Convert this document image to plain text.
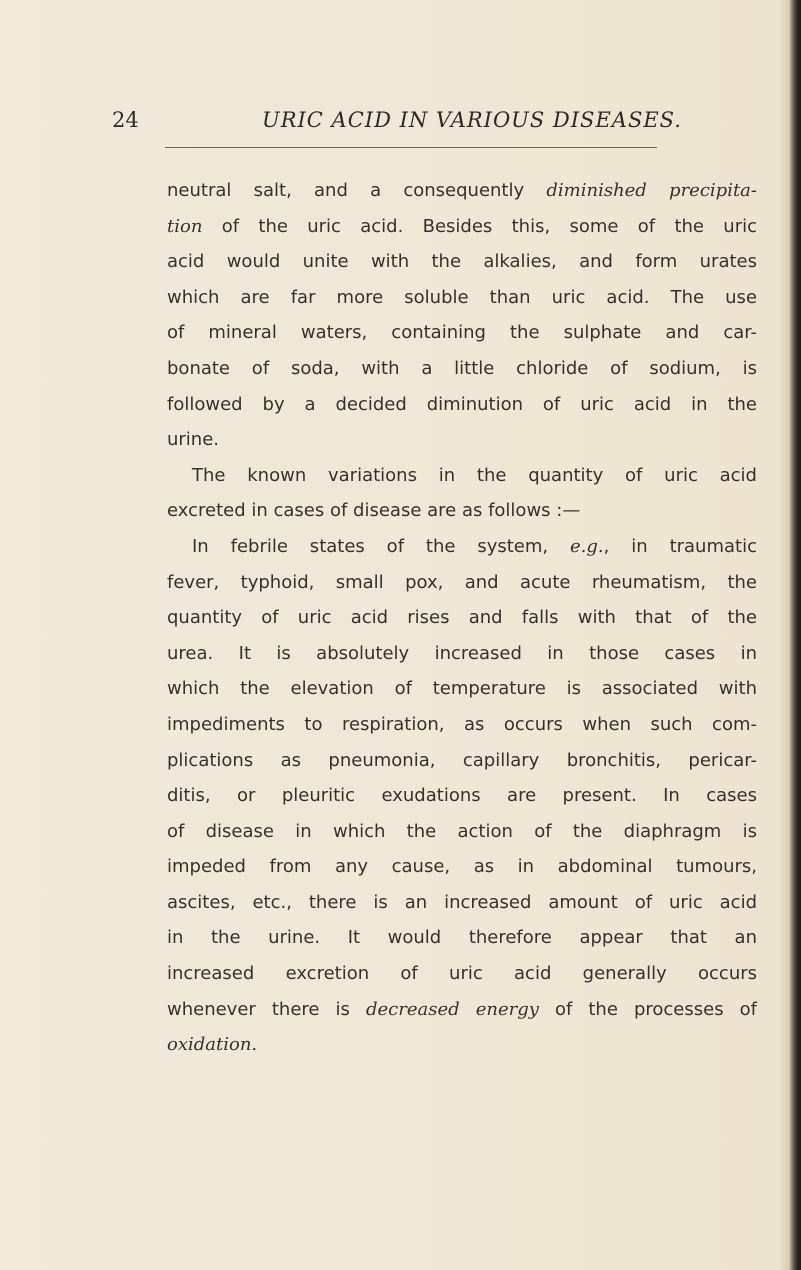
24	URIC ACID IN VARIOUS DISEASES.
neutral salt, and a consequently diminished precipita-
tion of the uric acid. Besides this, some of the uric
acid would unite with the alkalies, and form urates
which are far more soluble than uric acid. The use
of mineral waters, containing the sulphate and car-
bonate of soda, with a little chloride of sodium, is
followed by a decided diminution of uric acid in the
urine.
The known variations in the quantity of uric acid
excreted in cases of disease are as follows :—
In febrile states of the system, e.g., in traumatic
fever, typhoid, small pox, and acute rheumatism, the
quantity of uric acid rises and falls with that of the
urea. It is absolutely increased in those cases in
which the elevation of temperature is associated with
impediments to respiration, as occurs when such com-
plications as pneumonia, capillary bronchitis, pericar-
ditis, or pleuritic exudations are present. In cases
of disease in which the action of the diaphragm is
impeded from any cause, as in abdominal tumours,
ascites, etc., there is an increased amount of uric acid
in the urine. It would therefore appear that an
increased excretion of uric acid generally occurs
whenever there is decreased energy of the processes of
oxidation.
